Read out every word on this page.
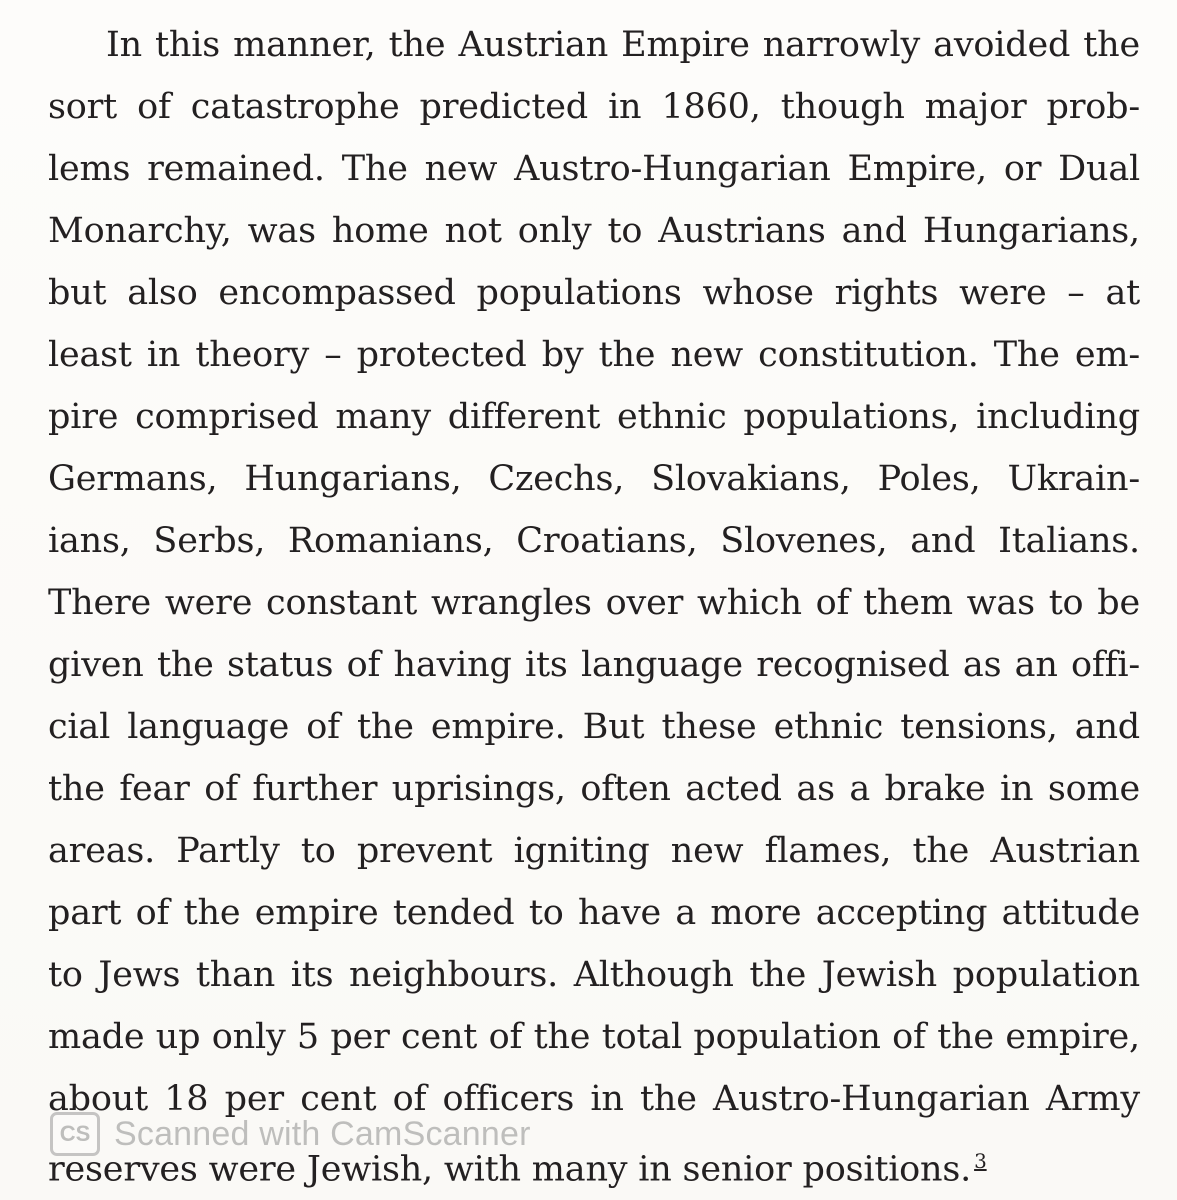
In this manner, the Austrian Empire narrowly avoided the
sort of catastrophe predicted in 1860, though major prob-
lems remained. The new Austro-Hungarian Empire, or Dual
Monarchy, was home not only to Austrians and Hungarians,
but also encompassed populations whose rights were – at
least in theory – protected by the new constitution. The em-
pire comprised many different ethnic populations, including
Germans, Hungarians, Czechs, Slovakians, Poles, Ukrain-
ians, Serbs, Romanians, Croatians, Slovenes, and Italians.
There were constant wrangles over which of them was to be
given the status of having its language recognised as an offi-
cial language of the empire. But these ethnic tensions, and
the fear of further uprisings, often acted as a brake in some
areas. Partly to prevent igniting new flames, the Austrian
part of the empire tended to have a more accepting attitude
to Jews than its neighbours. Although the Jewish population
made up only 5 per cent of the total population of the empire,
about 18 per cent of officers in the Austro-Hungarian Army
reserves were Jewish, with many in senior positions. $^3$
CS Scanned with CamScanner
